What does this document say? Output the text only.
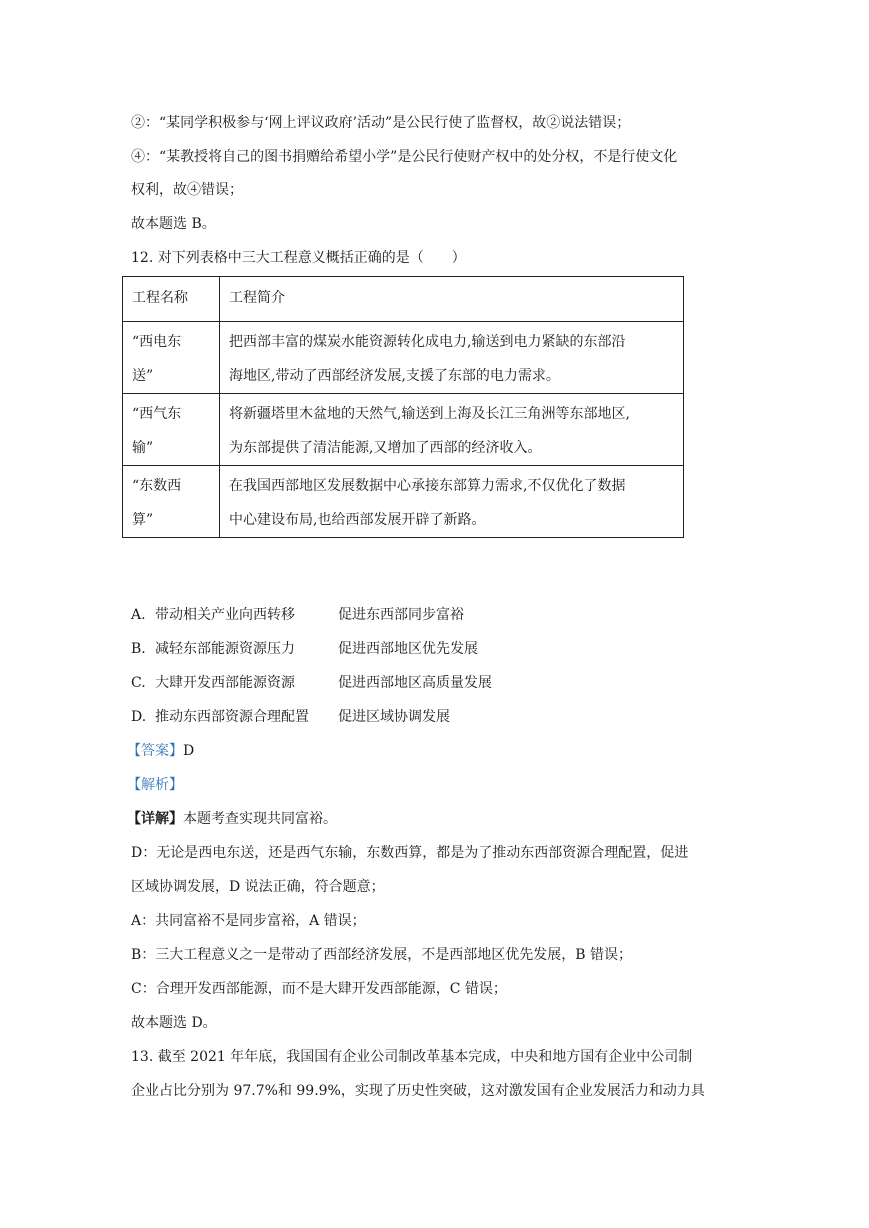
②：“某同学积极参与‘网上评议政府’活动”是公民行使了监督权，故②说法错误；
④：“某教授将自己的图书捐赠给希望小学”是公民行使财产权中的处分权，不是行使文化
权利，故④错误；
故本题选 B。
12. 对下列表格中三大工程意义概括正确的是（　　）
工程名称	工程简介

“西电东
送”	把西部丰富的煤炭水能资源转化成电力,输送到电力紧缺的东部沿
海地区,带动了西部经济发展,支援了东部的电力需求。

“西气东
输”	将新疆塔里木盆地的天然气,输送到上海及长江三角洲等东部地区,
为东部提供了清洁能源,又增加了西部的经济收入。

“东数西
算”	在我国西部地区发展数据中心承接东部算力需求,不仅优化了数据
中心建设布局,也给西部发展开辟了新路。
A. 带动相关产业向西转移	促进东西部同步富裕
B. 减轻东部能源资源压力	促进西部地区优先发展
C. 大肆开发西部能源资源	促进西部地区高质量发展
D. 推动东西部资源合理配置 促进区域协调发展
【答案】D
【解析】
【详解】本题考查实现共同富裕。
D：无论是西电东送，还是西气东输，东数西算，都是为了推动东西部资源合理配置，促进
区域协调发展，D 说法正确，符合题意；
A：共同富裕不是同步富裕，A 错误；
B：三大工程意义之一是带动了西部经济发展，不是西部地区优先发展，B 错误；
C：合理开发西部能源，而不是大肆开发西部能源，C 错误；
故本题选 D。
13. 截至 2021 年年底，我国国有企业公司制改革基本完成，中央和地方国有企业中公司制
企业占比分别为 97.7%和 99.9%，实现了历史性突破，这对激发国有企业发展活力和动力具
